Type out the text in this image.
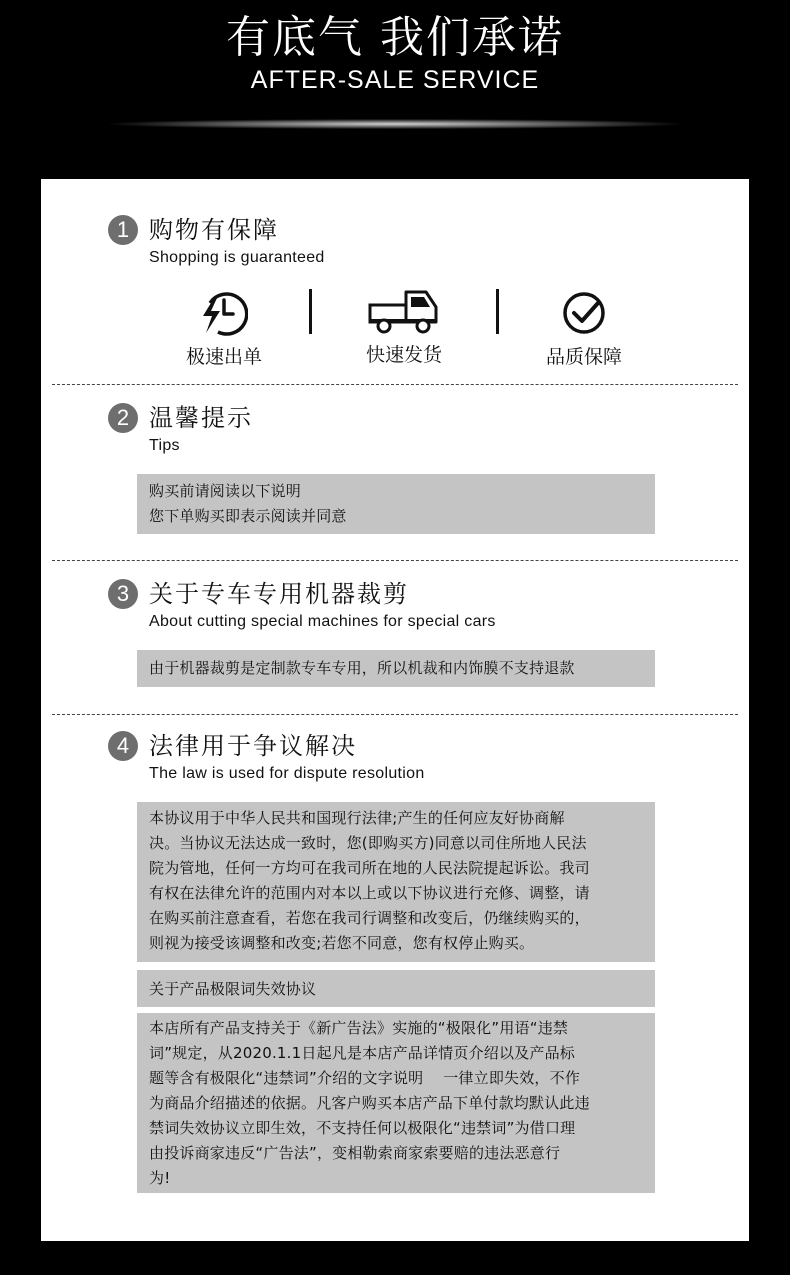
有底气 我们承诺
AFTER-SALE SERVICE
1 购物有保障
Shopping is guaranteed
极速出单	快速发货	品质保障
2 温馨提示
Tips

购买前请阅读以下说明
您下单购买即表示阅读并同意

3 关于专车专用机器裁剪
About cutting special machines for special cars

由于机器裁剪是定制款专车专用，所以机裁和内饰膜不支持退款

4 法律用于争议解决
The law is used for dispute resolution

本协议用于中华人民共和国现行法律;产生的任何应友好协商解
决。当协议无法达成一致时，您(即购买方)同意以司住所地人民法
院为管地，任何一方均可在我司所在地的人民法院提起诉讼。我司
有权在法律允许的范围内对本以上或以下协议进行充修、调整，请
在购买前注意查看，若您在我司行调整和改变后，仍继续购买的，
则视为接受该调整和改变;若您不同意，您有权停止购买。

关于产品极限词失效协议

本店所有产品支持关于《新广告法》实施的“极限化”用语“违禁
词”规定，从2020.1.1日起凡是本店产品详情页介绍以及产品标
题等含有极限化“违禁词”介绍的文字说明    一律立即失效，不作
为商品介绍描述的依据。凡客户购买本店产品下单付款均默认此违
禁词失效协议立即生效，不支持任何以极限化“违禁词”为借口理
由投诉商家违反“广告法”，变相勒索商家索要赔的违法恶意行
为!
